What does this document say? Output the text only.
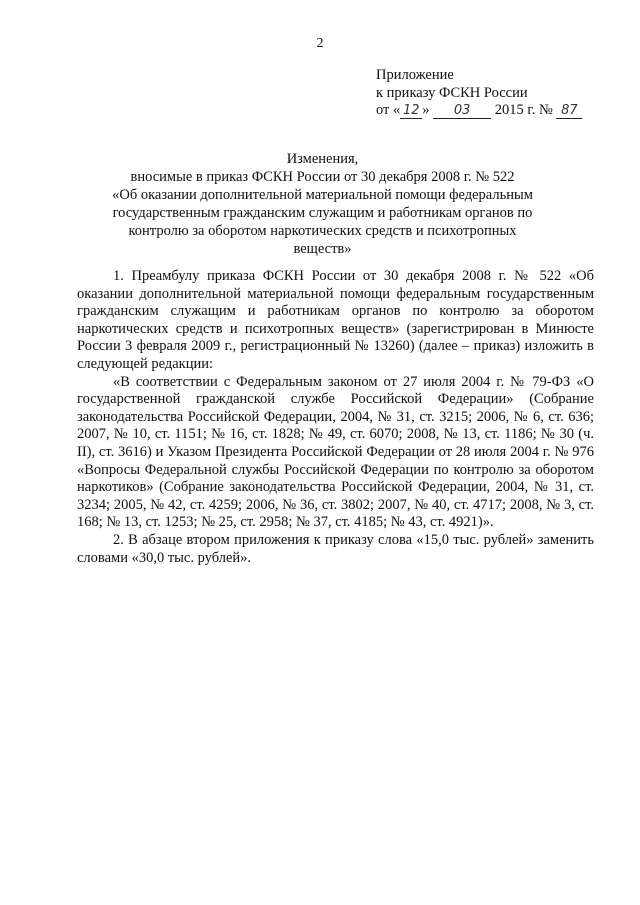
2
Приложение
к приказу ФСКН России
от « 12 » 03 2015 г. № 87
Изменения,
вносимые в приказ ФСКН России от 30 декабря 2008 г. № 522
«Об оказании дополнительной материальной помощи федеральным государственным гражданским служащим и работникам органов по контролю за оборотом наркотических средств и психотропных веществ»

1. Преамбулу приказа ФСКН России от 30 декабря 2008 г. № 522 «Об оказании дополнительной материальной помощи федеральным государственным гражданским служащим и работникам органов по контролю за оборотом наркотических средств и психотропных веществ» (зарегистрирован в Минюсте России 3 февраля 2009 г., регистрационный № 13260) (далее – приказ) изложить в следующей редакции:

«В соответствии с Федеральным законом от 27 июля 2004 г. № 79-ФЗ «О государственной гражданской службе Российской Федерации» (Собрание законодательства Российской Федерации, 2004, № 31, ст. 3215; 2006, № 6, ст. 636; 2007, № 10, ст. 1151; № 16, ст. 1828; № 49, ст. 6070; 2008, № 13, ст. 1186; № 30 (ч. II), ст. 3616) и Указом Президента Российской Федерации от 28 июля 2004 г. № 976 «Вопросы Федеральной службы Российской Федерации по контролю за оборотом наркотиков» (Собрание законодательства Российской Федерации, 2004, № 31, ст. 3234; 2005, № 42, ст. 4259; 2006, № 36, ст. 3802; 2007, № 40, ст. 4717; 2008, № 3, ст. 168; № 13, ст. 1253; № 25, ст. 2958; № 37, ст. 4185; № 43, ст. 4921)».

2. В абзаце втором приложения к приказу слова «15,0 тыс. рублей» заменить словами «30,0 тыс. рублей».
